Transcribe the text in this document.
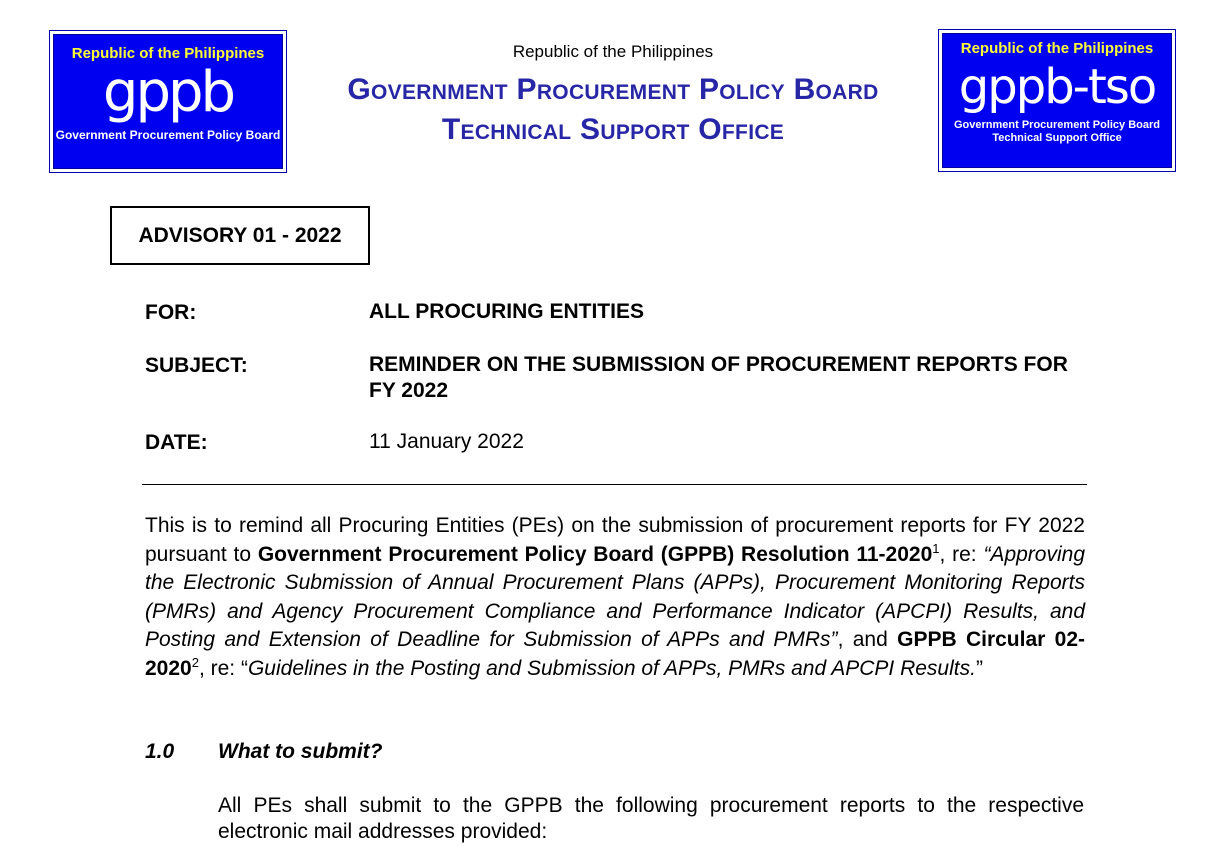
Republic of the Philippines
gppb
Government Procurement Policy Board
Republic of the Philippines
Government Procurement Policy Board
Technical Support Office
Republic of the Philippines
gppb-tso
Government Procurement Policy Board
Technical Support Office
ADVISORY 01 - 2022
FOR:	ALL PROCURING ENTITIES
SUBJECT:	REMINDER ON THE SUBMISSION OF PROCUREMENT REPORTS FOR FY 2022
DATE:	11 January 2022
This is to remind all Procuring Entities (PEs) on the submission of procurement reports for FY 2022 pursuant to Government Procurement Policy Board (GPPB) Resolution 11-2020$^1$, re: “Approving the Electronic Submission of Annual Procurement Plans (APPs), Procurement Monitoring Reports (PMRs) and Agency Procurement Compliance and Performance Indicator (APCPI) Results, and Posting and Extension of Deadline for Submission of APPs and PMRs”, and GPPB Circular 02-2020$^2$, re: “Guidelines in the Posting and Submission of APPs, PMRs and APCPI Results.”
1.0 What to submit?
All PEs shall submit to the GPPB the following procurement reports to the respective electronic mail addresses provided:
